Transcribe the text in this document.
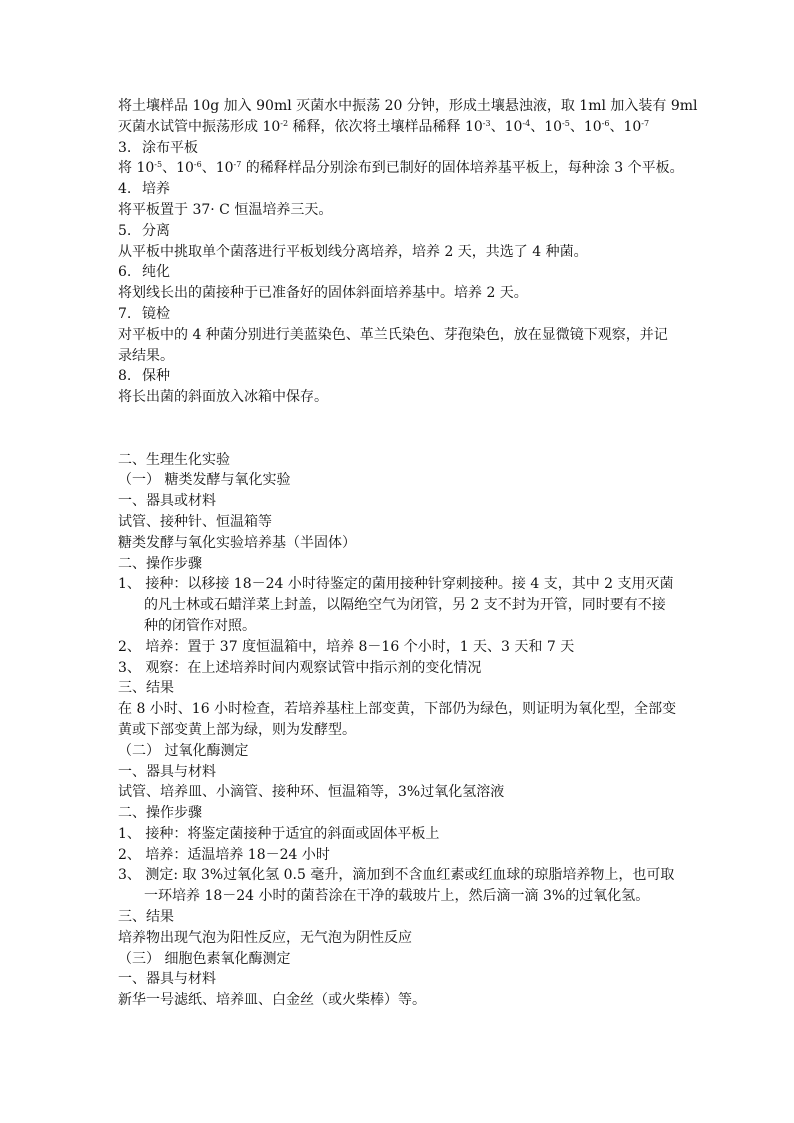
将土壤样品 10g 加入 90ml 灭菌水中振荡 20 分钟，形成土壤悬浊液，取 1ml 加入装有 9ml
灭菌水试管中振荡形成 $10^{-2}$ 稀释，依次将土壤样品稀释 $10^{-3}$、$10^{-4}$、$10^{-5}$、$10^{-6}$、$10^{-7}$
3. 涂布平板
将 $10^{-5}$、$10^{-6}$、$10^{-7}$ 的稀释样品分别涂布到已制好的固体培养基平板上，每种涂 3 个平板。
4. 培养
将平板置于 37· C 恒温培养三天。
5. 分离
从平板中挑取单个菌落进行平板划线分离培养，培养 2 天，共选了 4 种菌。
6. 纯化
将划线长出的菌接种于已准备好的固体斜面培养基中。培养 2 天。
7. 镜检
对平板中的 4 种菌分别进行美蓝染色、革兰氏染色、芽孢染色，放在显微镜下观察，并记录结果。
8. 保种
将长出菌的斜面放入冰箱中保存。
二、生理生化实验
（一） 糖类发酵与氧化实验
一、器具或材料
试管、接种针、恒温箱等
糖类发酵与氧化实验培养基（半固体）
二、操作步骤
1、 接种：以移接 18－24 小时待鉴定的菌用接种针穿刺接种。接 4 支，其中 2 支用灭菌的凡士林或石蜡洋菜上封盖，以隔绝空气为闭管，另 2 支不封为开管，同时要有不接种的闭管作对照。
2、 培养：置于 37 度恒温箱中，培养 8－16 个小时，1 天、3 天和 7 天
3、 观察：在上述培养时间内观察试管中指示剂的变化情况
三、结果
在 8 小时、16 小时检查，若培养基柱上部变黄，下部仍为绿色，则证明为氧化型，全部变黄或下部变黄上部为绿，则为发酵型。
（二） 过氧化酶测定
一、器具与材料
试管、培养皿、小滴管、接种环、恒温箱等，3%过氧化氢溶液
二、操作步骤
1、 接种：将鉴定菌接种于适宜的斜面或固体平板上
2、 培养：适温培养 18－24 小时
3、 测定: 取 3%过氧化氢 0.5 毫升，滴加到不含血红素或红血球的琼脂培养物上，也可取一环培养 18－24 小时的菌苔涂在干净的载玻片上，然后滴一滴 3%的过氧化氢。
三、结果
培养物出现气泡为阳性反应，无气泡为阴性反应
（三） 细胞色素氧化酶测定
一、器具与材料
新华一号滤纸、培养皿、白金丝（或火柴棒）等。
